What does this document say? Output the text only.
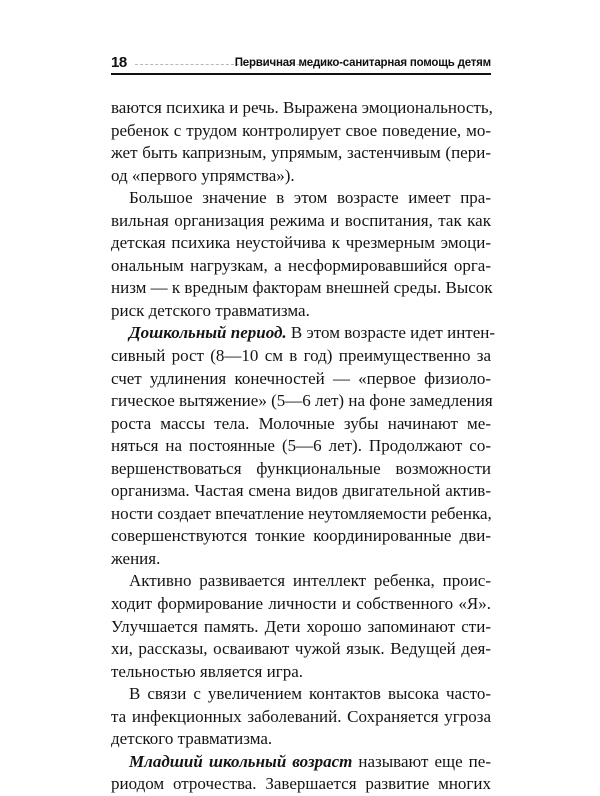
18	Первичная медико-санитарная помощь детям

ваются психика и речь. Выражена эмоциональность,
ребенок с трудом контролирует свое поведение, мо-
жет быть капризным, упрямым, застенчивым (пери-
од «первого упрямства»).

Большое значение в этом возрасте имеет пра-
вильная организация режима и воспитания, так как
детская психика неустойчива к чрезмерным эмоци-
ональным нагрузкам, а несформировавшийся орга-
низм — к вредным факторам внешней среды. Высок
риск детского травматизма.

Дошкольный период. В этом возрасте идет интен-
сивный рост (8—10 см в год) преимущественно за
счет удлинения конечностей — «первое физиоло-
гическое вытяжение» (5—6 лет) на фоне замедления
роста массы тела. Молочные зубы начинают ме-
няться на постоянные (5—6 лет). Продолжают со-
вершенствоваться функциональные возможности
организма. Частая смена видов двигательной актив-
ности создает впечатление неутомляемости ребенка,
совершенствуются тонкие координированные дви-
жения.

Активно развивается интеллект ребенка, проис-
ходит формирование личности и собственного «Я».
Улучшается память. Дети хорошо запоминают сти-
хи, рассказы, осваивают чужой язык. Ведущей дея-
тельностью является игра.

В связи с увеличением контактов высока часто-
та инфекционных заболеваний. Сохраняется угроза
детского травматизма.

Младший школьный возраст называют еще пе-
риодом отрочества. Завершается развитие многих
